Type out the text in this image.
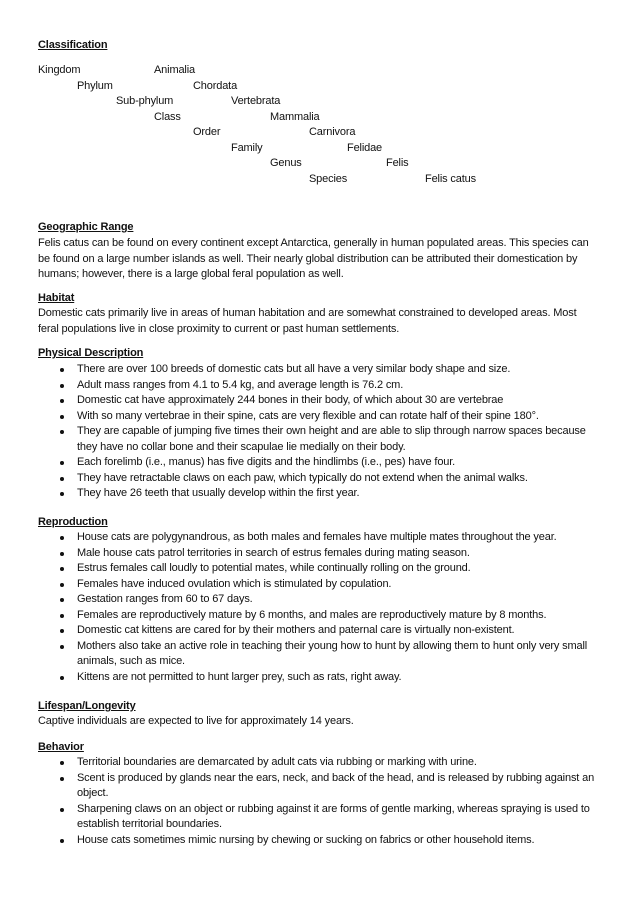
Classification
Kingdom	Animalia
Phylum	Chordata
Sub-phylum	Vertebrata
Class	Mammalia
Order	Carnivora
Family	Felidae
Genus	Felis
Species	Felis catus
Geographic Range
Felis catus can be found on every continent except Antarctica, generally in human populated areas. This species can be found on a large number islands as well. Their nearly global distribution can be attributed their domestication by humans; however, there is a large global feral population as well.
Habitat
Domestic cats primarily live in areas of human habitation and are somewhat constrained to developed areas. Most feral populations live in close proximity to current or past human settlements.
Physical Description
There are over 100 breeds of domestic cats but all have a very similar body shape and size.
Adult mass ranges from 4.1 to 5.4 kg, and average length is 76.2 cm.
Domestic cat have approximately 244 bones in their body, of which about 30 are vertebrae
With so many vertebrae in their spine, cats are very flexible and can rotate half of their spine 180°.
They are capable of jumping five times their own height and are able to slip through narrow spaces because they have no collar bone and their scapulae lie medially on their body.
Each forelimb (i.e., manus) has five digits and the hindlimbs (i.e., pes) have four.
They have retractable claws on each paw, which typically do not extend when the animal walks.
They have 26 teeth that usually develop within the first year.
Reproduction
House cats are polygynandrous, as both males and females have multiple mates throughout the year.
Male house cats patrol territories in search of estrus females during mating season.
Estrus females call loudly to potential mates, while continually rolling on the ground.
Females have induced ovulation which is stimulated by copulation.
Gestation ranges from 60 to 67 days.
Females are reproductively mature by 6 months, and males are reproductively mature by 8 months.
Domestic cat kittens are cared for by their mothers and paternal care is virtually non-existent.
Mothers also take an active role in teaching their young how to hunt by allowing them to hunt only very small animals, such as mice.
Kittens are not permitted to hunt larger prey, such as rats, right away.
Lifespan/Longevity
Captive individuals are expected to live for approximately 14 years.
Behavior
Territorial boundaries are demarcated by adult cats via rubbing or marking with urine.
Scent is produced by glands near the ears, neck, and back of the head, and is released by rubbing against an object.
Sharpening claws on an object or rubbing against it are forms of gentle marking, whereas spraying is used to establish territorial boundaries.
House cats sometimes mimic nursing by chewing or sucking on fabrics or other household items.
